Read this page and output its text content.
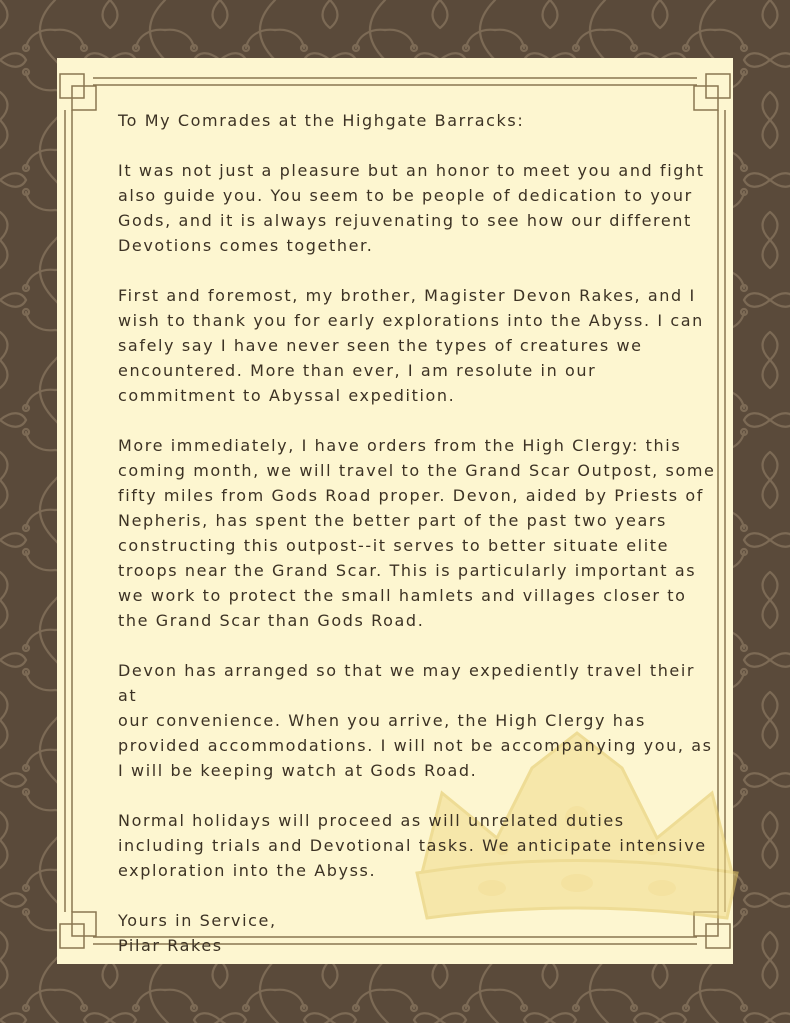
To My Comrades at the Highgate Barracks:

It was not just a pleasure but an honor to meet you and fight
also guide you. You seem to be people of dedication to your
Gods, and it is always rejuvenating to see how our different
Devotions comes together.

First and foremost, my brother, Magister Devon Rakes, and I
wish to thank you for early explorations into the Abyss. I can
safely say I have never seen the types of creatures we
encountered. More than ever, I am resolute in our
commitment to Abyssal expedition.

More immediately, I have orders from the High Clergy: this
coming month, we will travel to the Grand Scar Outpost, some
fifty miles from Gods Road proper. Devon, aided by Priests of
Nepheris, has spent the better part of the past two years
constructing this outpost--it serves to better situate elite
troops near the Grand Scar. This is particularly important as
we work to protect the small hamlets and villages closer to
the Grand Scar than Gods Road.

Devon has arranged so that we may expediently travel their at
our convenience. When you arrive, the High Clergy has
provided accommodations. I will not be accompanying you, as
I will be keeping watch at Gods Road.

Normal holidays will proceed as will unrelated duties
including trials and Devotional tasks. We anticipate intensive
exploration into the Abyss.

Yours in Service,

Pilar Rakes
